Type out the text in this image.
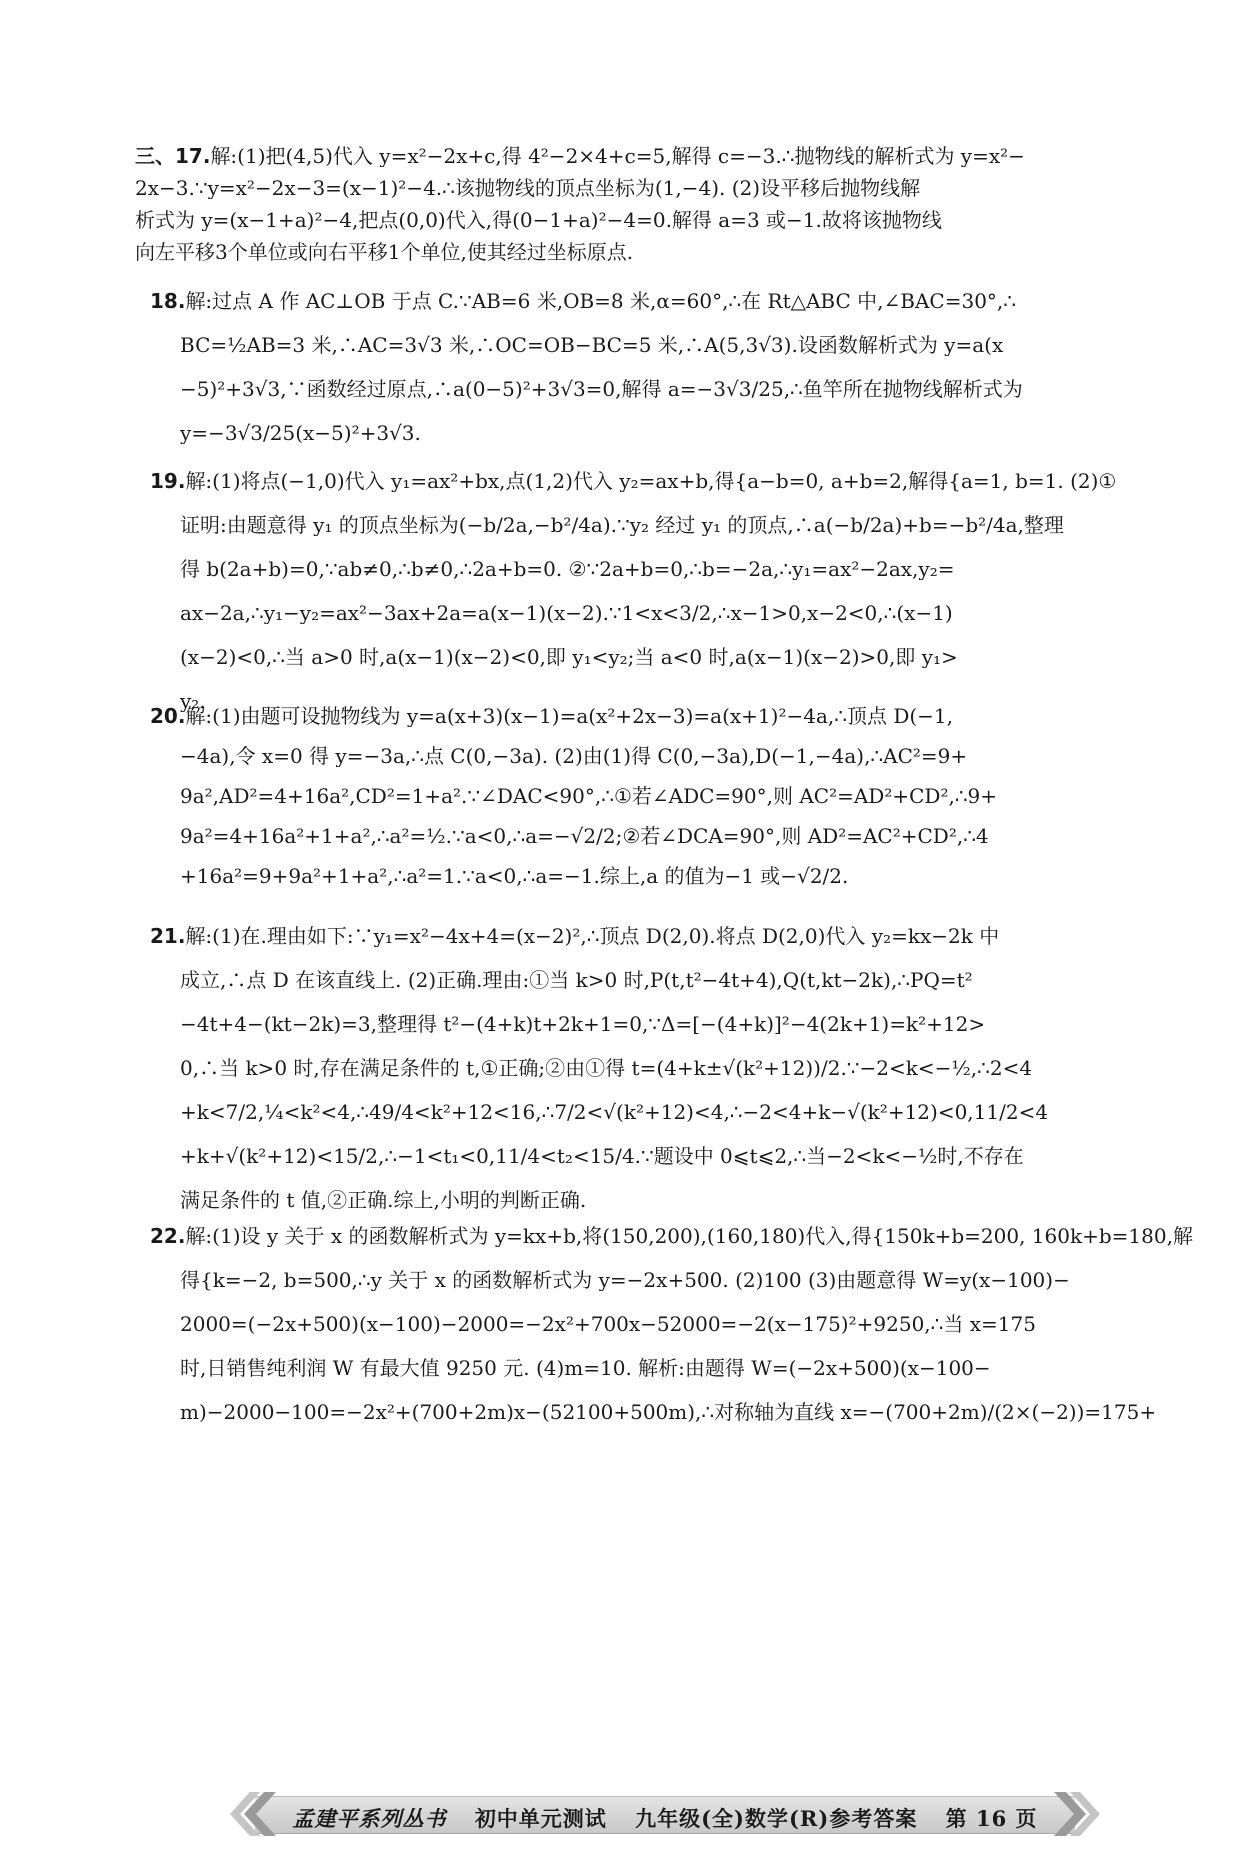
三、17.解:(1)把(4,5)代入 y=x²−2x+c,得 4²−2×4+c=5,解得 c=−3.∴抛物线的解析式为 y=x²−
2x−3.∵y=x²−2x−3=(x−1)²−4.∴该抛物线的顶点坐标为(1,−4). (2)设平移后抛物线解
析式为 y=(x−1+a)²−4,把点(0,0)代入,得(0−1+a)²−4=0.解得 a=3 或−1.故将该抛物线
向左平移3个单位或向右平移1个单位,使其经过坐标原点.
18.解:过点 A 作 AC⊥OB 于点 C.∵AB=6 米,OB=8 米,α=60°,∴在 Rt△ABC 中,∠BAC=30°,∴
BC=½AB=3 米,∴AC=3√3 米,∴OC=OB−BC=5 米,∴A(5,3√3).设函数解析式为 y=a(x
−5)²+3√3,∵函数经过原点,∴a(0−5)²+3√3=0,解得 a=−3√3/25,∴鱼竿所在抛物线解析式为
y=−3√3/25(x−5)²+3√3.
19.解:(1)将点(−1,0)代入 y₁=ax²+bx,点(1,2)代入 y₂=ax+b,得{a−b=0, a+b=2,解得{a=1, b=1. (2)①
证明:由题意得 y₁ 的顶点坐标为(−b/2a,−b²/4a).∵y₂ 经过 y₁ 的顶点,∴a(−b/2a)+b=−b²/4a,整理
得 b(2a+b)=0,∵ab≠0,∴b≠0,∴2a+b=0. ②∵2a+b=0,∴b=−2a,∴y₁=ax²−2ax,y₂=
ax−2a,∴y₁−y₂=ax²−3ax+2a=a(x−1)(x−2).∵1<x<3/2,∴x−1>0,x−2<0,∴(x−1)
(x−2)<0,∴当 a>0 时,a(x−1)(x−2)<0,即 y₁<y₂;当 a<0 时,a(x−1)(x−2)>0,即 y₁>
y₂.
20.解:(1)由题可设抛物线为 y=a(x+3)(x−1)=a(x²+2x−3)=a(x+1)²−4a,∴顶点 D(−1,
−4a),令 x=0 得 y=−3a,∴点 C(0,−3a). (2)由(1)得 C(0,−3a),D(−1,−4a),∴AC²=9+
9a²,AD²=4+16a²,CD²=1+a².∵∠DAC<90°,∴①若∠ADC=90°,则 AC²=AD²+CD²,∴9+
9a²=4+16a²+1+a²,∴a²=½.∵a<0,∴a=−√2/2;②若∠DCA=90°,则 AD²=AC²+CD²,∴4
+16a²=9+9a²+1+a²,∴a²=1.∵a<0,∴a=−1.综上,a 的值为−1 或−√2/2.
21.解:(1)在.理由如下:∵y₁=x²−4x+4=(x−2)²,∴顶点 D(2,0).将点 D(2,0)代入 y₂=kx−2k 中
成立,∴点 D 在该直线上. (2)正确.理由:①当 k>0 时,P(t,t²−4t+4),Q(t,kt−2k),∴PQ=t²
−4t+4−(kt−2k)=3,整理得 t²−(4+k)t+2k+1=0,∵Δ=[−(4+k)]²−4(2k+1)=k²+12>
0,∴当 k>0 时,存在满足条件的 t,①正确;②由①得 t=(4+k±√(k²+12))/2.∵−2<k<−½,∴2<4
+k<7/2,¼<k²<4,∴49/4<k²+12<16,∴7/2<√(k²+12)<4,∴−2<4+k−√(k²+12)<0,11/2<4
+k+√(k²+12)<15/2,∴−1<t₁<0,11/4<t₂<15/4.∵题设中 0⩽t⩽2,∴当−2<k<−½时,不存在
满足条件的 t 值,②正确.综上,小明的判断正确.
22.解:(1)设 y 关于 x 的函数解析式为 y=kx+b,将(150,200),(160,180)代入,得{150k+b=200, 160k+b=180,解
得{k=−2, b=500,∴y 关于 x 的函数解析式为 y=−2x+500. (2)100 (3)由题意得 W=y(x−100)−
2000=(−2x+500)(x−100)−2000=−2x²+700x−52000=−2(x−175)²+9250,∴当 x=175
时,日销售纯利润 W 有最大值 9250 元. (4)m=10. 解析:由题得 W=(−2x+500)(x−100−
m)−2000−100=−2x²+(700+2m)x−(52100+500m),∴对称轴为直线 x=−(700+2m)/(2×(−2))=175+
孟建平系列丛书 初中单元测试 九年级(全)数学(R)参考答案 第 16 页
